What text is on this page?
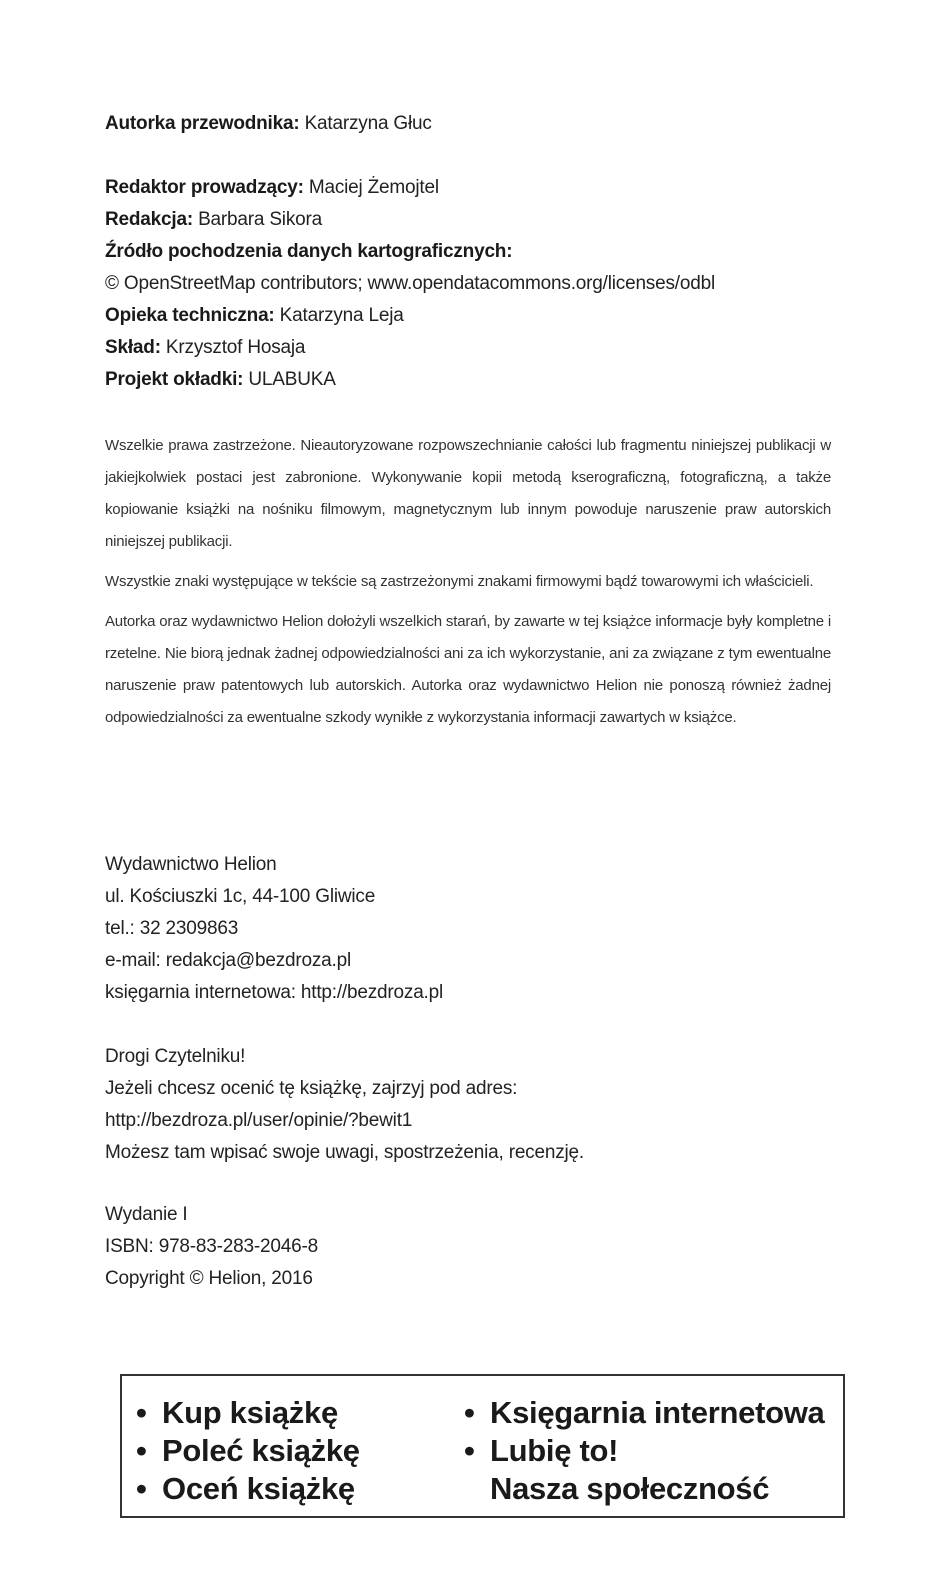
Autorka przewodnika: Katarzyna Głuc
Redaktor prowadzący: Maciej Żemojtel
Redakcja: Barbara Sikora
Źródło pochodzenia danych kartograficznych:
© OpenStreetMap contributors; www.opendatacommons.org/licenses/odbl
Opieka techniczna: Katarzyna Leja
Skład: Krzysztof Hosaja
Projekt okładki: ULABUKA

Wszelkie prawa zastrzeżone. Nieautoryzowane rozpowszechnianie całości lub fragmentu niniejszej publikacji w jakiejkolwiek postaci jest zabronione. Wykonywanie kopii metodą kserograficzną, fotograficzną, a także kopiowanie książki na nośniku filmowym, magnetycznym lub innym powoduje naruszenie praw autorskich niniejszej publikacji.

Wszystkie znaki występujące w tekście są zastrzeżonymi znakami firmowymi bądź towarowymi ich właścicieli.

Autorka oraz wydawnictwo Helion dołożyli wszelkich starań, by zawarte w tej książce informacje były kompletne i rzetelne. Nie biorą jednak żadnej odpowiedzialności ani za ich wykorzystanie, ani za związane z tym ewentualne naruszenie praw patentowych lub autorskich. Autorka oraz wydawnictwo Helion nie ponoszą również żadnej odpowiedzialności za ewentualne szkody wynikłe z wykorzystania informacji zawartych w książce.

Wydawnictwo Helion
ul. Kościuszki 1c, 44-100 Gliwice
tel.: 32 2309863
e-mail: redakcja@bezdroza.pl
księgarnia internetowa: http://bezdroza.pl
Drogi Czytelniku!
Jeżeli chcesz ocenić tę książkę, zajrzyj pod adres:
http://bezdroza.pl/user/opinie/?bewit1
Możesz tam wpisać swoje uwagi, spostrzeżenia, recenzję.
Wydanie I
ISBN: 978-83-283-2046-8
Copyright © Helion, 2016
• Kup książkę
• Poleć książkę
• Oceń książkę
• Księgarnia internetowa
• Lubię to!
Nasza społeczność
